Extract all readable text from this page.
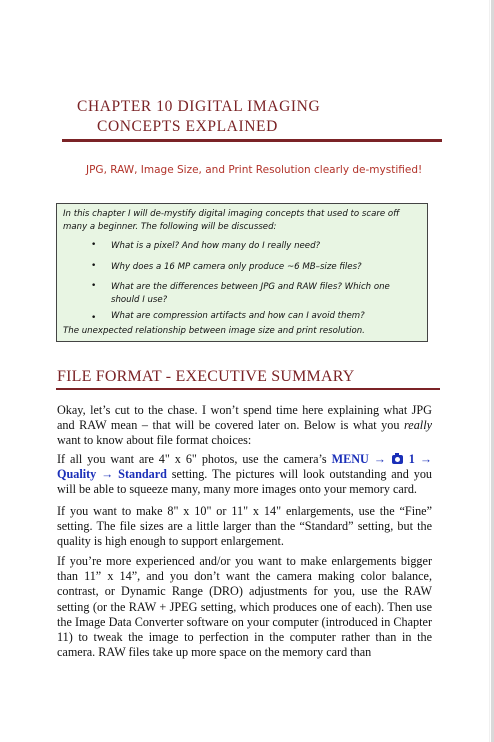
CHAPTER 10 DIGITAL IMAGING
CONCEPTS EXPLAINED
JPG, RAW, Image Size, and Print Resolution clearly de-mystified!
In this chapter I will de-mystify digital imaging concepts that used to scare off many a beginner. The following will be discussed:
• What is a pixel? And how many do I really need?
• Why does a 16 MP camera only produce ~6 MB–size files?
• What are the differences between JPG and RAW files? Which one should I use?
• What are compression artifacts and how can I avoid them?
The unexpected relationship between image size and print resolution.
FILE FORMAT - EXECUTIVE SUMMARY
Okay, let’s cut to the chase. I won’t spend time here explaining what JPG and RAW mean – that will be covered later on. Below is what you really want to know about file format choices:
If all you want are 4" x 6" photos, use the camera’s MENU →  1 → Quality → Standard setting. The pictures will look outstanding and you will be able to squeeze many, many more images onto your memory card.
If you want to make 8" x 10" or 11" x 14" enlargements, use the “Fine” setting. The file sizes are a little larger than the “Standard” setting, but the quality is high enough to support enlargement.
If you’re more experienced and/or you want to make enlargements bigger than 11” x 14”, and you don’t want the camera making color balance, contrast, or Dynamic Range (DRO) adjustments for you, use the RAW setting (or the RAW + JPEG setting, which produces one of each). Then use the Image Data Converter software on your computer (introduced in Chapter 11) to tweak the image to perfection in the computer rather than in the camera. RAW files take up more space on the memory card than
